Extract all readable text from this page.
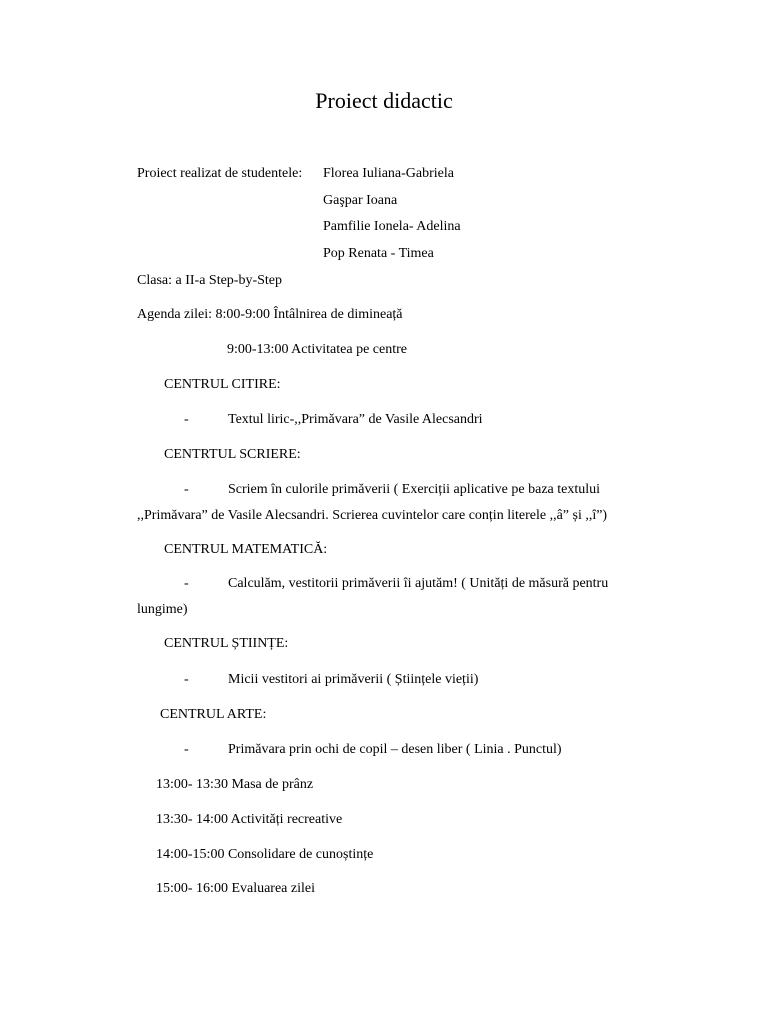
Proiect didactic
Proiect realizat de studentele: Florea Iuliana-Gabriela
Gaşpar Ioana
Pamfilie Ionela- Adelina
Pop Renata - Timea
Clasa: a II-a Step-by-Step
Agenda zilei: 8:00-9:00 Întâlnirea de dimineață
9:00-13:00 Activitatea pe centre
CENTRUL CITIRE:
-	Textul liric-,,Primăvara” de Vasile Alecsandri
CENTRTUL SCRIERE:
-	Scriem în culorile primăverii ( Exerciții aplicative pe baza textului
,,Primăvara” de Vasile Alecsandri. Scrierea cuvintelor care conțin literele ,,â” și ,,î”)
CENTRUL MATEMATICĂ:
-	Calculăm, vestitorii primăverii îi ajutăm! ( Unități de măsură pentru
lungime)
CENTRUL ȘTIINȚE:
-	Micii vestitori ai primăverii ( Științele vieții)
CENTRUL ARTE:
-	Primăvara prin ochi de copil – desen liber ( Linia . Punctul)
13:00- 13:30 Masa de prânz
13:30- 14:00 Activități recreative
14:00-15:00 Consolidare de cunoștințe
15:00- 16:00 Evaluarea zilei
